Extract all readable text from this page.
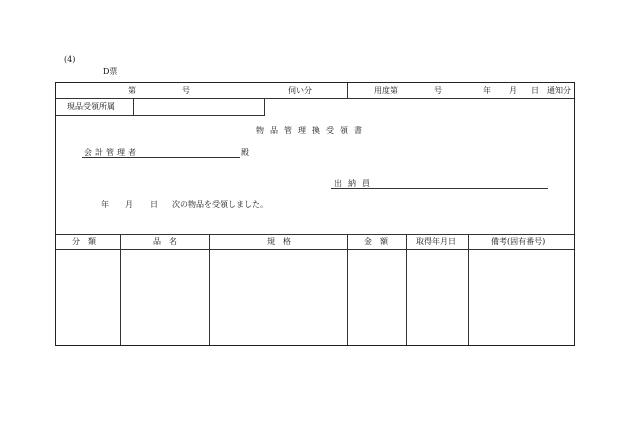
(4)
D票
第	号	伺い分	用度第	号	年 月 日 通知分
現品受領所属
物品管理換受領書
会計管理者	殿
出納員
年 月 日 次の物品を受領しました。
分　類	品　名	規　格	金　額	取得年月日	備考(固有番号)
